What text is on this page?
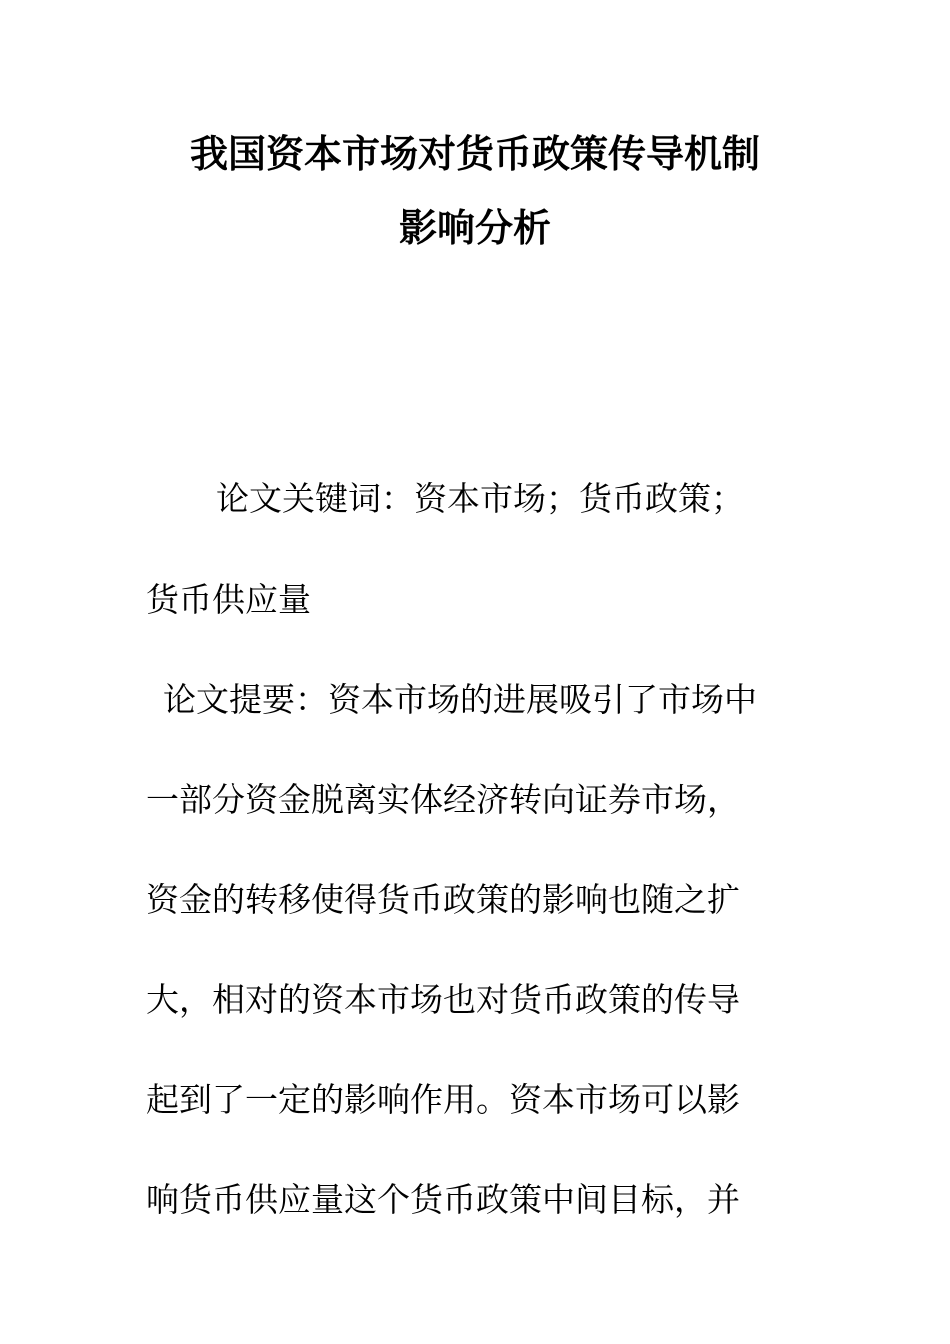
我国资本市场对货币政策传导机制
影响分析
论文关键词：资本市场；货币政策；
货币供应量
论文提要：资本市场的进展吸引了市场中
一部分资金脱离实体经济转向证券市场，
资金的转移使得货币政策的影响也随之扩
大，相对的资本市场也对货币政策的传导
起到了一定的影响作用。资本市场可以影
响货币供应量这个货币政策中间目标，并
